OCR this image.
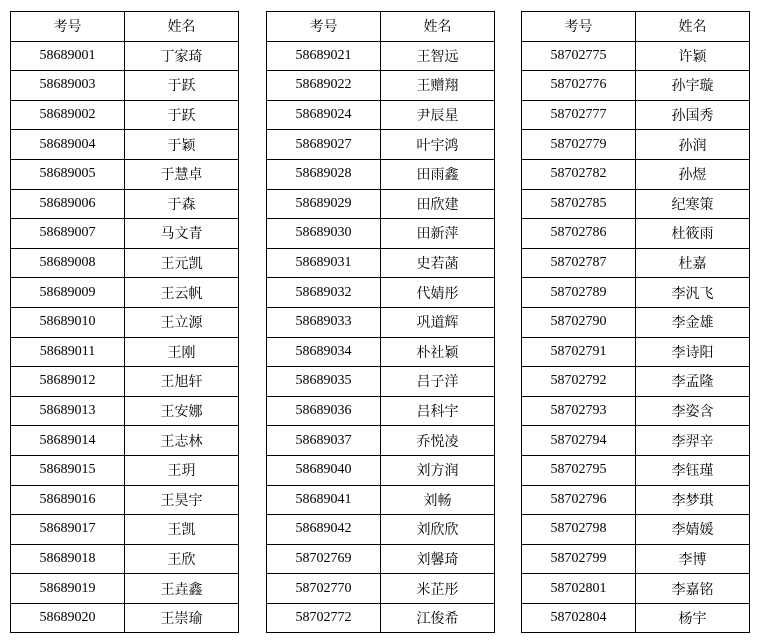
考号	姓名
58689001	丁家琦
58689003	于跃
58689002	于跃
58689004	于颖
58689005	于慧卓
58689006	于森
58689007	马文青
58689008	王元凯
58689009	王云帆
58689010	王立源
58689011	王刚
58689012	王旭轩
58689013	王安娜
58689014	王志林
58689015	王玥
58689016	王昊宇
58689017	王凯
58689018	王欣
58689019	王垚鑫
58689020	王崇瑜
考号	姓名
58689021	王智远
58689022	王赠翔
58689024	尹辰星
58689027	叶宇鸿
58689028	田雨鑫
58689029	田欣建
58689030	田新萍
58689031	史若菡
58689032	代婧彤
58689033	巩道辉
58689034	朴社颖
58689035	吕子洋
58689036	吕科宇
58689037	乔悦凌
58689040	刘方润
58689041	刘畅
58689042	刘欣欣
58702769	刘馨琦
58702770	米芷彤
58702772	江俊希
考号	姓名
58702775	许颖
58702776	孙宇璇
58702777	孙国秀
58702779	孙润
58702782	孙煜
58702785	纪寒策
58702786	杜筱雨
58702787	杜嘉
58702789	李汎飞
58702790	李金雄
58702791	李诗阳
58702792	李孟隆
58702793	李姿含
58702794	李羿辛
58702795	李钰瑾
58702796	李梦琪
58702798	李婧媛
58702799	李博
58702801	李嘉铭
58702804	杨宇
